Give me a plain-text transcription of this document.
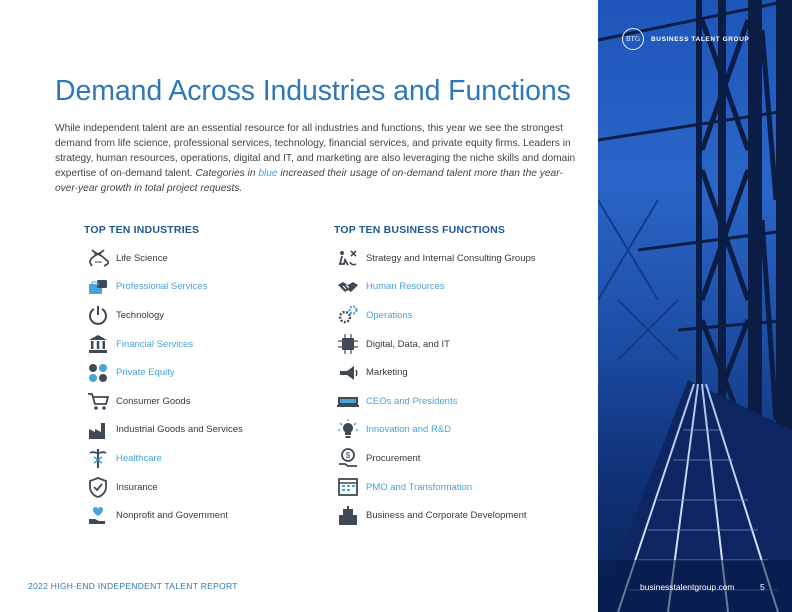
Demand Across Industries and Functions

While independent talent are an essential resource for all industries and functions, this year we see the strongest demand from life science, professional services, technology, financial services, and private equity firms. Leaders in strategy, human resources, operations, digital and IT, and marketing are also leveraging the niche skills and domain expertise of on-demand talent. Categories in blue increased their usage of on-demand talent more than the year-over-year growth in total project requests.

TOP TEN INDUSTRIES
Life Science
Professional Services
Technology
Financial Services
Private Equity
Consumer Goods
Industrial Goods and Services
Healthcare
Insurance
Nonprofit and Government
TOP TEN BUSINESS FUNCTIONS
Strategy and Internal Consulting Groups
Human Resources
Operations
Digital, Data, and IT
Marketing
CEOs and Presidents
Innovation and R&D
$ Procurement
PMO and Transformation
Business and Corporate Development
2022 HIGH-END INDEPENDENT TALENT REPORT
BTG	BUSINESS TALENT GROUP
businesstalentgroup.com	5
